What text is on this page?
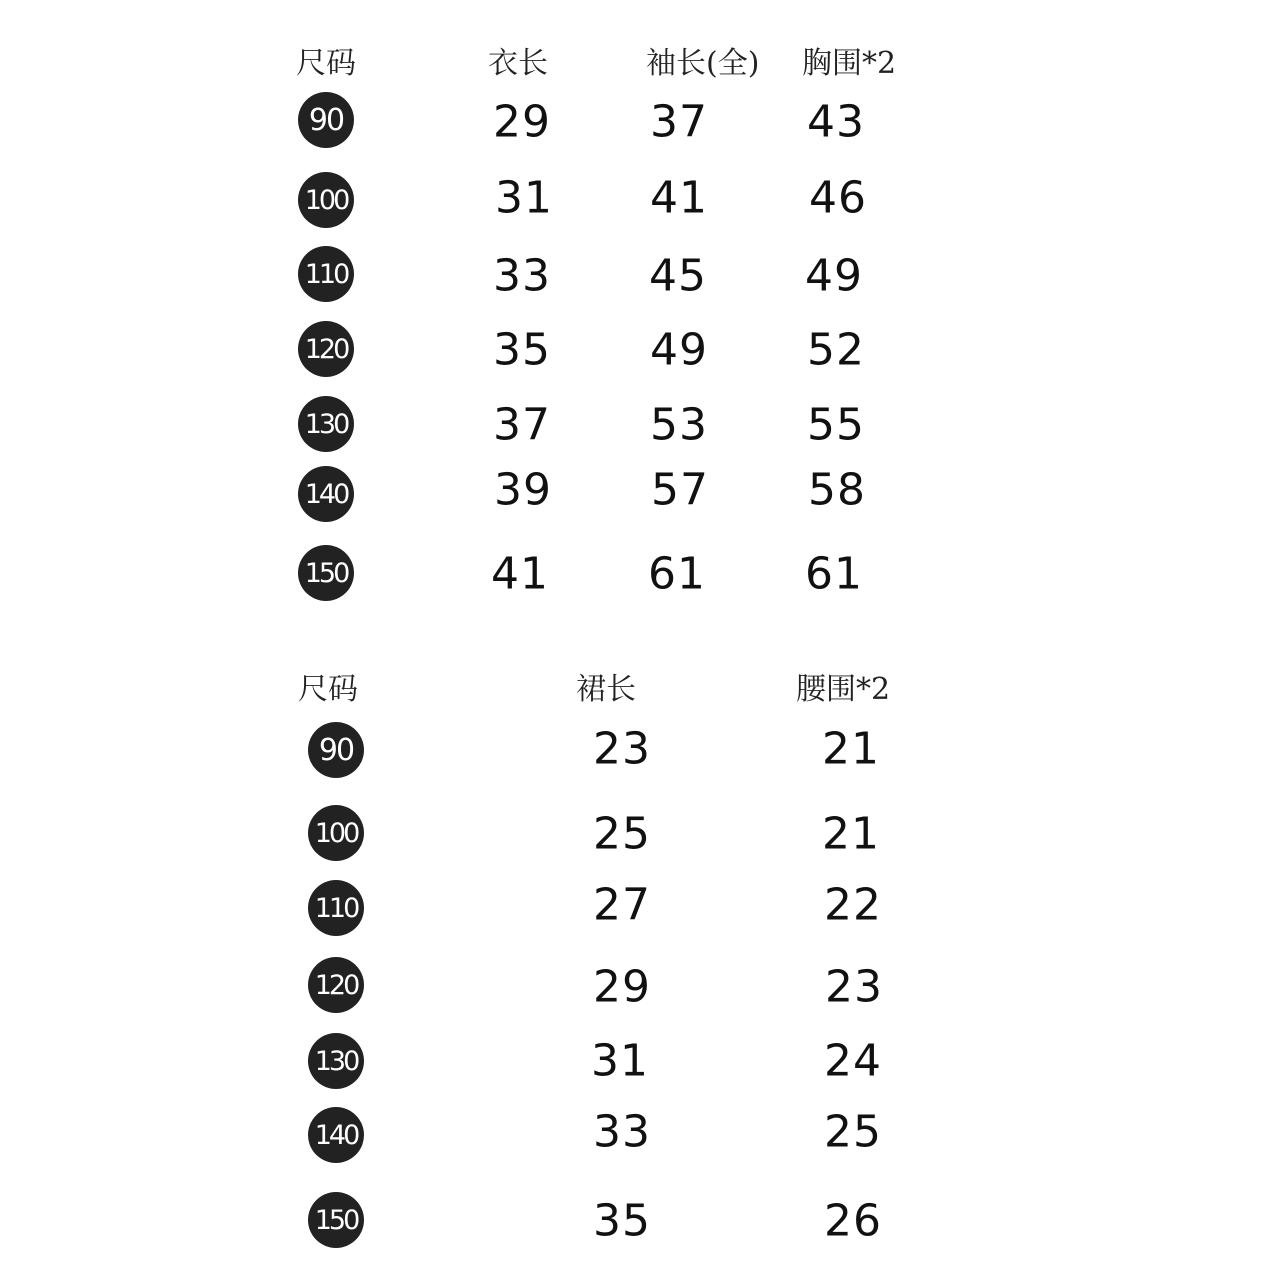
尺码	衣长	袖长(全) 胸围*2
90	29 37 43
100	31 41 46
110	33 45 49
120	35 49 52
130	37 53 55
140	39 57 58
150	41 61 61
尺码	裙长	腰围*2
90	23	21
100	25	21
110	27	22
120	29	23
130	31	24
140	33	25
150	35	26
